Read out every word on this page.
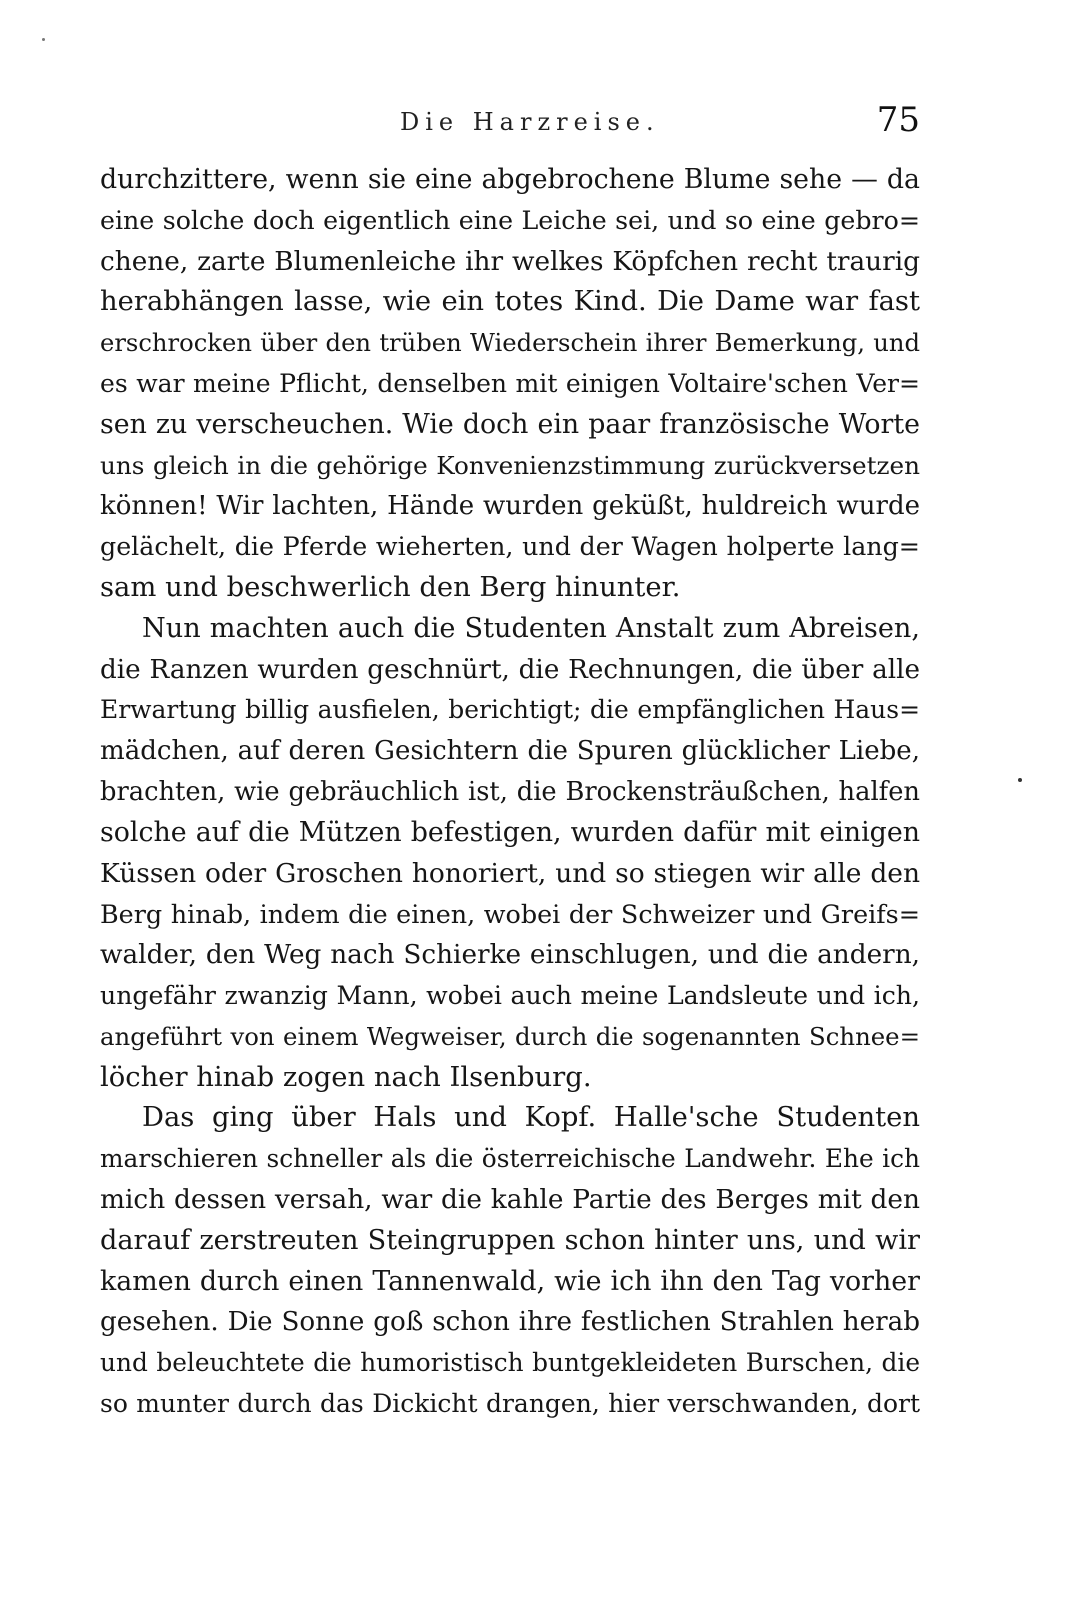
Die Harzreise.	75

durchzittere, wenn sie eine abgebrochene Blume sehe — da
eine solche doch eigentlich eine Leiche sei, und so eine gebro=
chene, zarte Blumenleiche ihr welkes Köpfchen recht traurig
herabhängen lasse, wie ein totes Kind. Die Dame war fast
erschrocken über den trüben Wiederschein ihrer Bemerkung, und
es war meine Pflicht, denselben mit einigen Voltaire'schen Ver=
sen zu verscheuchen. Wie doch ein paar französische Worte
uns gleich in die gehörige Konvenienzstimmung zurückversetzen
können! Wir lachten, Hände wurden geküßt, huldreich wurde
gelächelt, die Pferde wieherten, und der Wagen holperte lang=
sam und beschwerlich den Berg hinunter.

Nun machten auch die Studenten Anstalt zum Abreisen,
die Ranzen wurden geschnürt, die Rechnungen, die über alle
Erwartung billig ausfielen, berichtigt; die empfänglichen Haus=
mädchen, auf deren Gesichtern die Spuren glücklicher Liebe,
brachten, wie gebräuchlich ist, die Brockensträußchen, halfen
solche auf die Mützen befestigen, wurden dafür mit einigen
Küssen oder Groschen honoriert, und so stiegen wir alle den
Berg hinab, indem die einen, wobei der Schweizer und Greifs=
walder, den Weg nach Schierke einschlugen, und die andern,
ungefähr zwanzig Mann, wobei auch meine Landsleute und ich,
angeführt von einem Wegweiser, durch die sogenannten Schnee=
löcher hinab zogen nach Ilsenburg.

Das ging über Hals und Kopf. Halle'sche Studenten
marschieren schneller als die österreichische Landwehr. Ehe ich
mich dessen versah, war die kahle Partie des Berges mit den
darauf zerstreuten Steingruppen schon hinter uns, und wir
kamen durch einen Tannenwald, wie ich ihn den Tag vorher
gesehen. Die Sonne goß schon ihre festlichen Strahlen herab
und beleuchtete die humoristisch buntgekleideten Burschen, die
so munter durch das Dickicht drangen, hier verschwanden, dort
